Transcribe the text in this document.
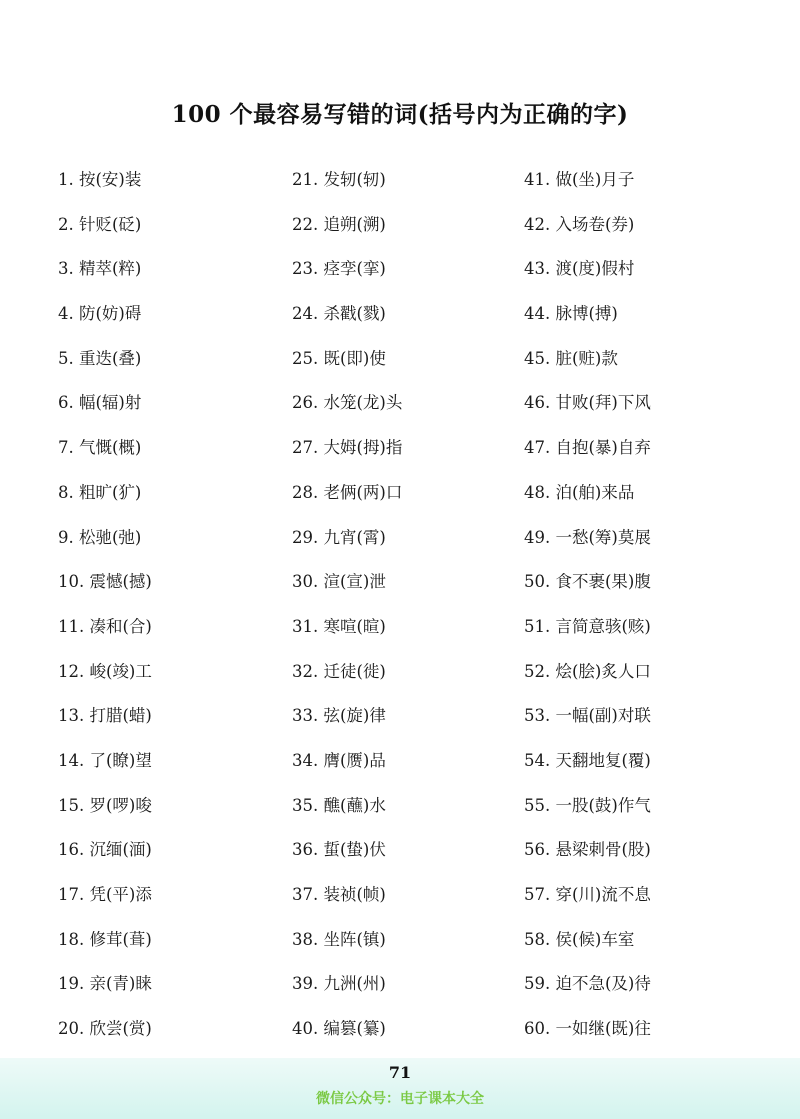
100 个最容易写错的词(括号内为正确的字)
1. 按(安)装
2. 针贬(砭)
3. 精萃(粹)
4. 防(妨)碍
5. 重迭(叠)
6. 幅(辐)射
7. 气慨(概)
8. 粗旷(犷)
9. 松驰(弛)
10. 震憾(撼)
11. 凑和(合)
12. 峻(竣)工
13. 打腊(蜡)
14. 了(瞭)望
15. 罗(啰)唆
16. 沉缅(湎)
17. 凭(平)添
18. 修茸(葺)
19. 亲(青)睐
20. 欣尝(赏)
21. 发轫(轫)
22. 追朔(溯)
23. 痉孪(挛)
24. 杀戳(戮)
25. 既(即)使
26. 水笼(龙)头
27. 大姆(拇)指
28. 老俩(两)口
29. 九宵(霄)
30. 渲(宣)泄
31. 寒喧(暄)
32. 迁徒(徙)
33. 弦(旋)律
34. 膺(赝)品
35. 醮(蘸)水
36. 蜇(蛰)伏
37. 装祯(帧)
38. 坐阵(镇)
39. 九洲(州)
40. 编篡(纂)
41. 做(坐)月子
42. 入场卷(券)
43. 渡(度)假村
44. 脉博(搏)
45. 脏(赃)款
46. 甘败(拜)下风
47. 自抱(暴)自弃
48. 泊(舶)来品
49. 一愁(筹)莫展
50. 食不裹(果)腹
51. 言简意骇(赅)
52. 烩(脍)炙人口
53. 一幅(副)对联
54. 天翻地复(覆)
55. 一股(鼓)作气
56. 悬梁刺骨(股)
57. 穿(川)流不息
58. 侯(候)车室
59. 迫不急(及)待
60. 一如继(既)往
71
微信公众号：电子课本大全
